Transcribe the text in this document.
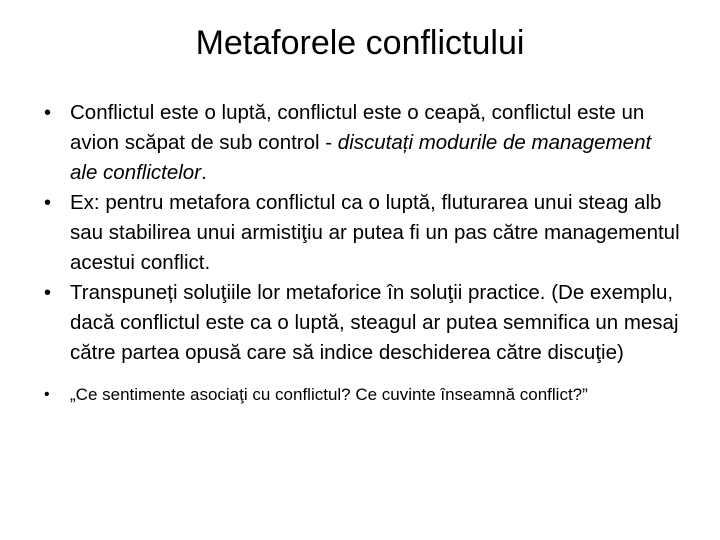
Metaforele conflictului
• Conflictul este o luptă, conflictul este o ceapă, conflictul este un avion scăpat de sub control - discutați modurile de management ale conflictelor.
• Ex: pentru metafora conflictul ca o luptă, fluturarea unui steag alb sau stabilirea unui armistiţiu ar putea fi un pas către managementul acestui conflict.
• Transpuneți soluţiile lor metaforice în soluţii practice. (De exemplu, dacă conflictul este ca o luptă, steagul ar putea semnifica un mesaj către partea opusă care să indice deschiderea către discuţie)
•	„Ce sentimente asociaţi cu conflictul? Ce cuvinte înseamnă conflict?”
